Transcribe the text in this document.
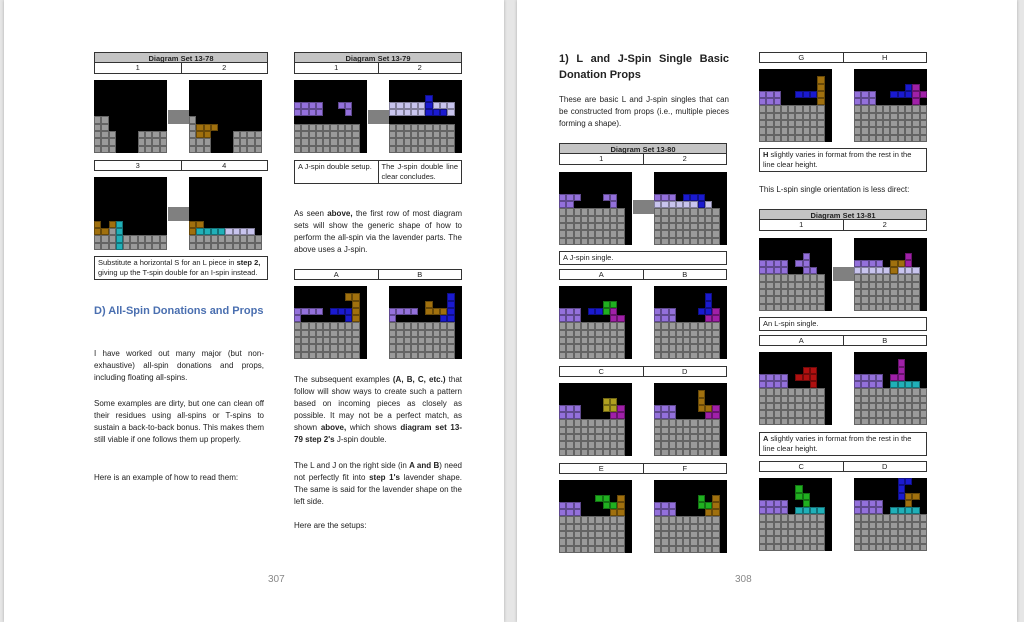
Diagram Set 13-78
1	2
3	4
Substitute a horizontal S for an L piece in step 2, giving up the T-spin double for an I-spin instead.
D) All-Spin Donations and Props

I have worked out many major (but non-exhaustive) all-spin donations and props, including floating all-spins.

Some examples are dirty, but one can clean off their residues using all-spins or T-spins to sustain a back-to-back bonus. This makes them still viable if one follows them up properly.

Here is an example of how to read them:

Diagram Set 13-79
1	2
A J-spin double setup.	The J-spin double line clear concludes.

As seen above, the first row of most diagram sets will show the generic shape of how to perform the all-spin via the lavender parts. The above uses a J-spin.

A	B

The subsequent examples (A, B, C, etc.) that follow will show ways to create such a pattern based on incoming pieces as closely as possible. It may not be a perfect match, as shown above, which shows diagram set 13-79 step 2's J-spin double.

The L and J on the right side (in A and B) need not perfectly fit into step 1's lavender shape. The same is said for the lavender shape on the left side.

Here are the setups:

307
1) L and J-Spin Single Basic Donation Props

These are basic L and J-spin singles that can be constructed from props (i.e., multiple pieces forming a shape).

Diagram Set 13-80
1	2
A J-spin single.
A	B
C	D
E	F
G	H
H slightly varies in format from the rest in the line clear height.

This L-spin single orientation is less direct:

Diagram Set 13-81
1	2
An L-spin single.
A	B
A slightly varies in format from the rest in the line clear height.
C	D
308
